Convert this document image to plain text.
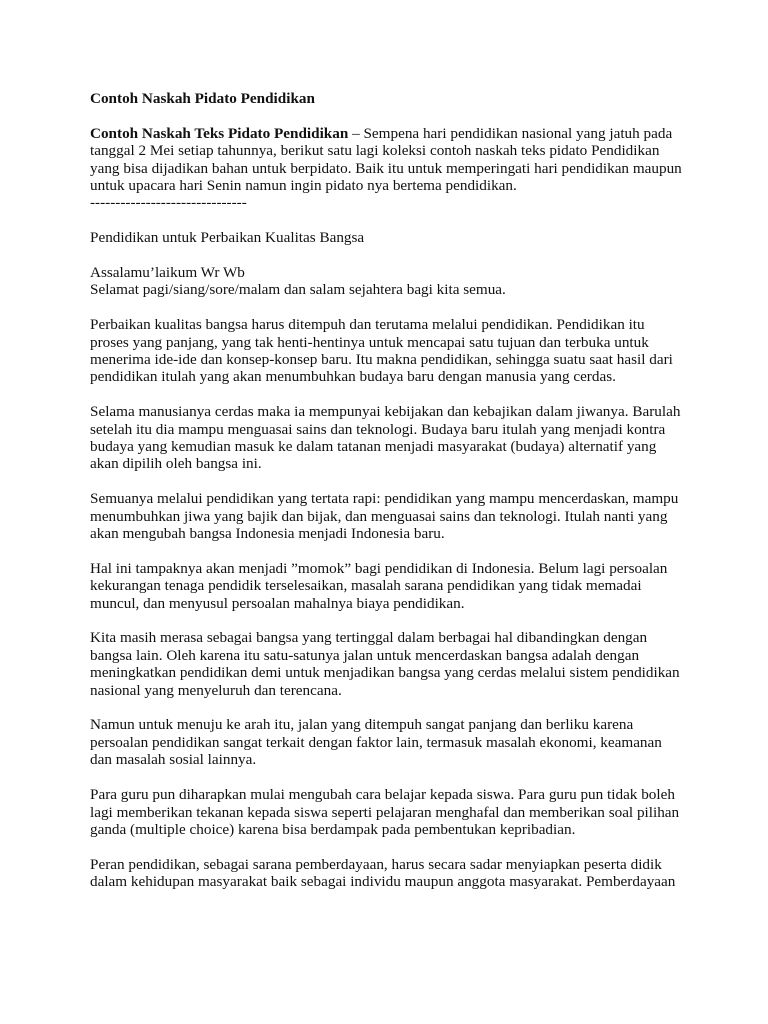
Contoh Naskah Pidato Pendidikan
Contoh Naskah Teks Pidato Pendidikan – Sempena hari pendidikan nasional yang jatuh pada
tanggal 2 Mei setiap tahunnya, berikut satu lagi koleksi contoh naskah teks pidato Pendidikan
yang bisa dijadikan bahan untuk berpidato. Baik itu untuk memperingati hari pendidikan maupun
untuk upacara hari Senin namun ingin pidato nya bertema pendidikan.
-------------------------------
Pendidikan untuk Perbaikan Kualitas Bangsa
Assalamu’laikum Wr Wb
Selamat pagi/siang/sore/malam dan salam sejahtera bagi kita semua.
Perbaikan kualitas bangsa harus ditempuh dan terutama melalui pendidikan. Pendidikan itu
proses yang panjang, yang tak henti-hentinya untuk mencapai satu tujuan dan terbuka untuk
menerima ide-ide dan konsep-konsep baru. Itu makna pendidikan, sehingga suatu saat hasil dari
pendidikan itulah yang akan menumbuhkan budaya baru dengan manusia yang cerdas.
Selama manusianya cerdas maka ia mempunyai kebijakan dan kebajikan dalam jiwanya. Barulah
setelah itu dia mampu menguasai sains dan teknologi. Budaya baru itulah yang menjadi kontra
budaya yang kemudian masuk ke dalam tatanan menjadi masyarakat (budaya) alternatif yang
akan dipilih oleh bangsa ini.
Semuanya melalui pendidikan yang tertata rapi: pendidikan yang mampu mencerdaskan, mampu
menumbuhkan jiwa yang bajik dan bijak, dan menguasai sains dan teknologi. Itulah nanti yang
akan mengubah bangsa Indonesia menjadi Indonesia baru.
Hal ini tampaknya akan menjadi ”momok” bagi pendidikan di Indonesia. Belum lagi persoalan
kekurangan tenaga pendidik terselesaikan, masalah sarana pendidikan yang tidak memadai
muncul, dan menyusul persoalan mahalnya biaya pendidikan.
Kita masih merasa sebagai bangsa yang tertinggal dalam berbagai hal dibandingkan dengan
bangsa lain. Oleh karena itu satu-satunya jalan untuk mencerdaskan bangsa adalah dengan
meningkatkan pendidikan demi untuk menjadikan bangsa yang cerdas melalui sistem pendidikan
nasional yang menyeluruh dan terencana.
Namun untuk menuju ke arah itu, jalan yang ditempuh sangat panjang dan berliku karena
persoalan pendidikan sangat terkait dengan faktor lain, termasuk masalah ekonomi, keamanan
dan masalah sosial lainnya.
Para guru pun diharapkan mulai mengubah cara belajar kepada siswa. Para guru pun tidak boleh
lagi memberikan tekanan kepada siswa seperti pelajaran menghafal dan memberikan soal pilihan
ganda (multiple choice) karena bisa berdampak pada pembentukan kepribadian.
Peran pendidikan, sebagai sarana pemberdayaan, harus secara sadar menyiapkan peserta didik
dalam kehidupan masyarakat baik sebagai individu maupun anggota masyarakat. Pemberdayaan
